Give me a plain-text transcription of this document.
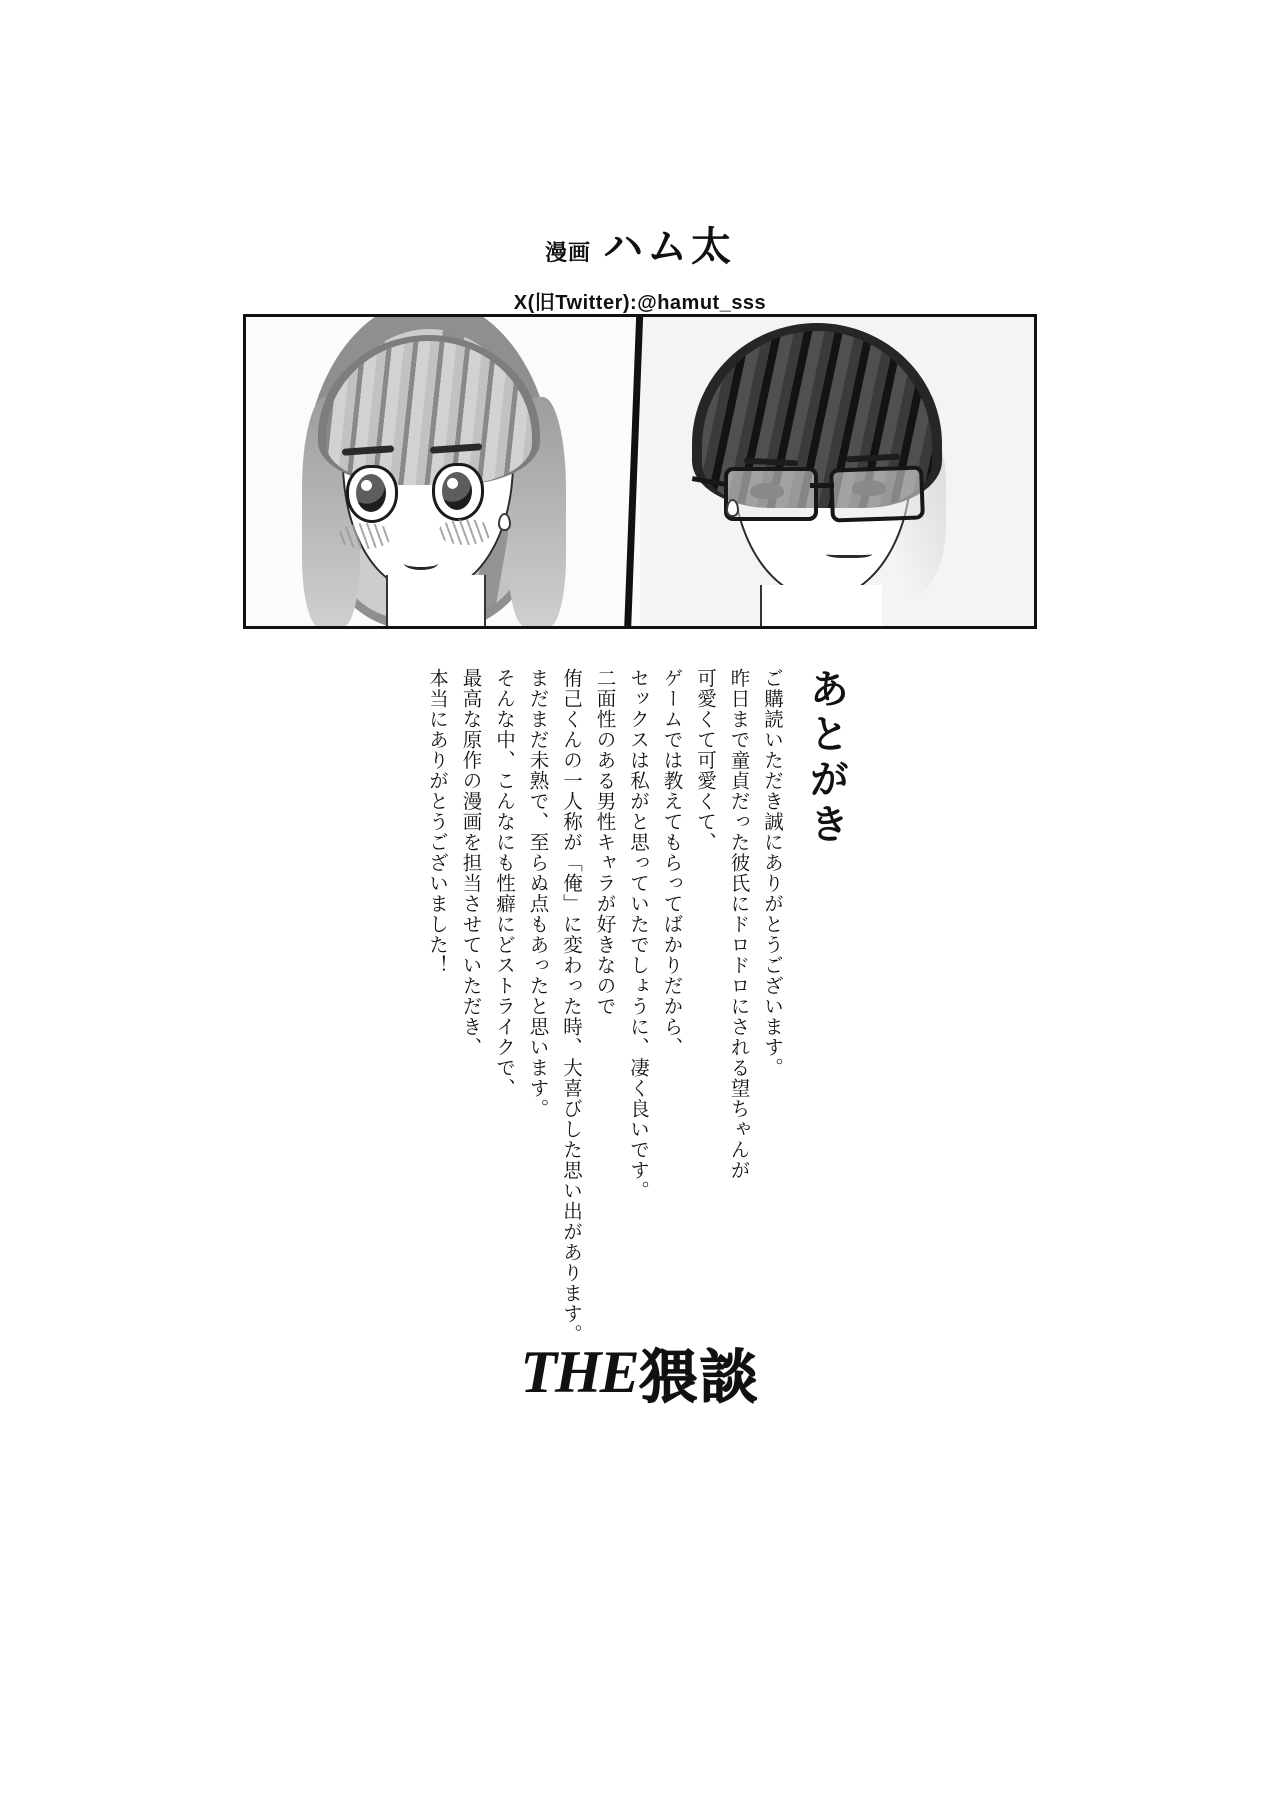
漫画 ハム太
X(旧Twitter):@hamut_sss
あとがき
ご購読いただき誠にありがとうございます。
昨日まで童貞だった彼氏にドロドロにされる望ちゃんが
可愛くて可愛くて、
ゲームでは教えてもらってばかりだから、
セックスは私がと思っていたでしょうに、凄く良いです。
二面性のある男性キャラが好きなので
侑己くんの一人称が「俺」に変わった時、大喜びした思い出があります。
まだまだ未熟で、至らぬ点もあったと思います。
そんな中、こんなにも性癖にどストライクで、
最高な原作の漫画を担当させていただき、
本当にありがとうございました！
THE 猥談
